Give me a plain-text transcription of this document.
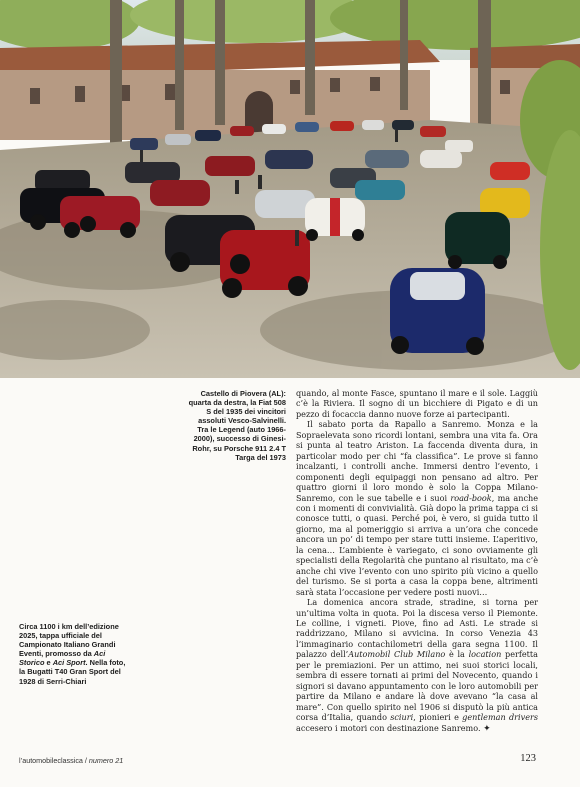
Castello di Piovera (AL): quarta da destra, la Fiat 508 S del 1935 dei vincitori assoluti Vesco-Salvinelli. Tra le Legend (auto 1966-2000), successo di Ginesi-Rohr, su Porsche 911 2.4 T Targa del 1973
Circa 1100 i km dell’edizione 2025, tappa ufficiale del Campionato Italiano Grandi Eventi, promosso da Aci Storico e Aci Sport. Nella foto, la Bugatti T40 Gran Sport del 1928 di Serri-Chiari

quando, al monte Fasce, spuntano il mare e il sole. Laggiù c’è la Riviera. Il sogno di un bicchiere di Pigato e di un pezzo di focaccia danno nuove forze ai partecipanti.

Il sabato porta da Rapallo a Sanremo. Monza e la Sopraelevata sono ricordi lontani, sembra una vita fa. Ora si punta al teatro Ariston. La faccenda diventa dura, in particolar modo per chi “fa classifica”. Le prove si fanno incalzanti, i controlli anche. Immersi dentro l’evento, i componenti degli equipaggi non pensano ad altro. Per quattro giorni il loro mondo è solo la Coppa Milano-Sanremo, con le sue tabelle e i suoi road-book, ma anche con i momenti di convivialità. Già dopo la prima tappa ci si conosce tutti, o quasi. Perché poi, è vero, si guida tutto il giorno, ma al pomeriggio si arriva a un’ora che concede ancora un po’ di tempo per stare tutti insieme. L’aperitivo, la cena… L’ambiente è variegato, ci sono ovviamente gli specialisti della Regolarità che puntano al risultato, ma c’è anche chi vive l’evento con uno spirito più vicino a quello del turismo. Se si porta a casa la coppa bene, altrimenti sarà stata l’occasione per vedere posti nuovi…

La domenica ancora strade, stradine, si torna per un’ultima volta in quota. Poi la discesa verso il Piemonte. Le colline, i vigneti. Piove, fino ad Asti. Le strade si raddrizzano, Milano si avvicina. In corso Venezia 43 l’immaginario contachilometri della gara segna 1100. Il palazzo dell’Automobil Club Milano è la location perfetta per le premiazioni. Per un attimo, nei suoi storici locali, sembra di essere tornati ai primi del Novecento, quando i signori si davano appuntamento con le loro automobili per partire da Milano e andare là dove avevano “la casa al mare”. Con quello spirito nel 1906 si disputò la più antica corsa d’Italia, quando sciuri, pionieri e gentleman drivers accesero i motori con destinazione Sanremo. ✦

l’automobileclassica / numero 21	123
